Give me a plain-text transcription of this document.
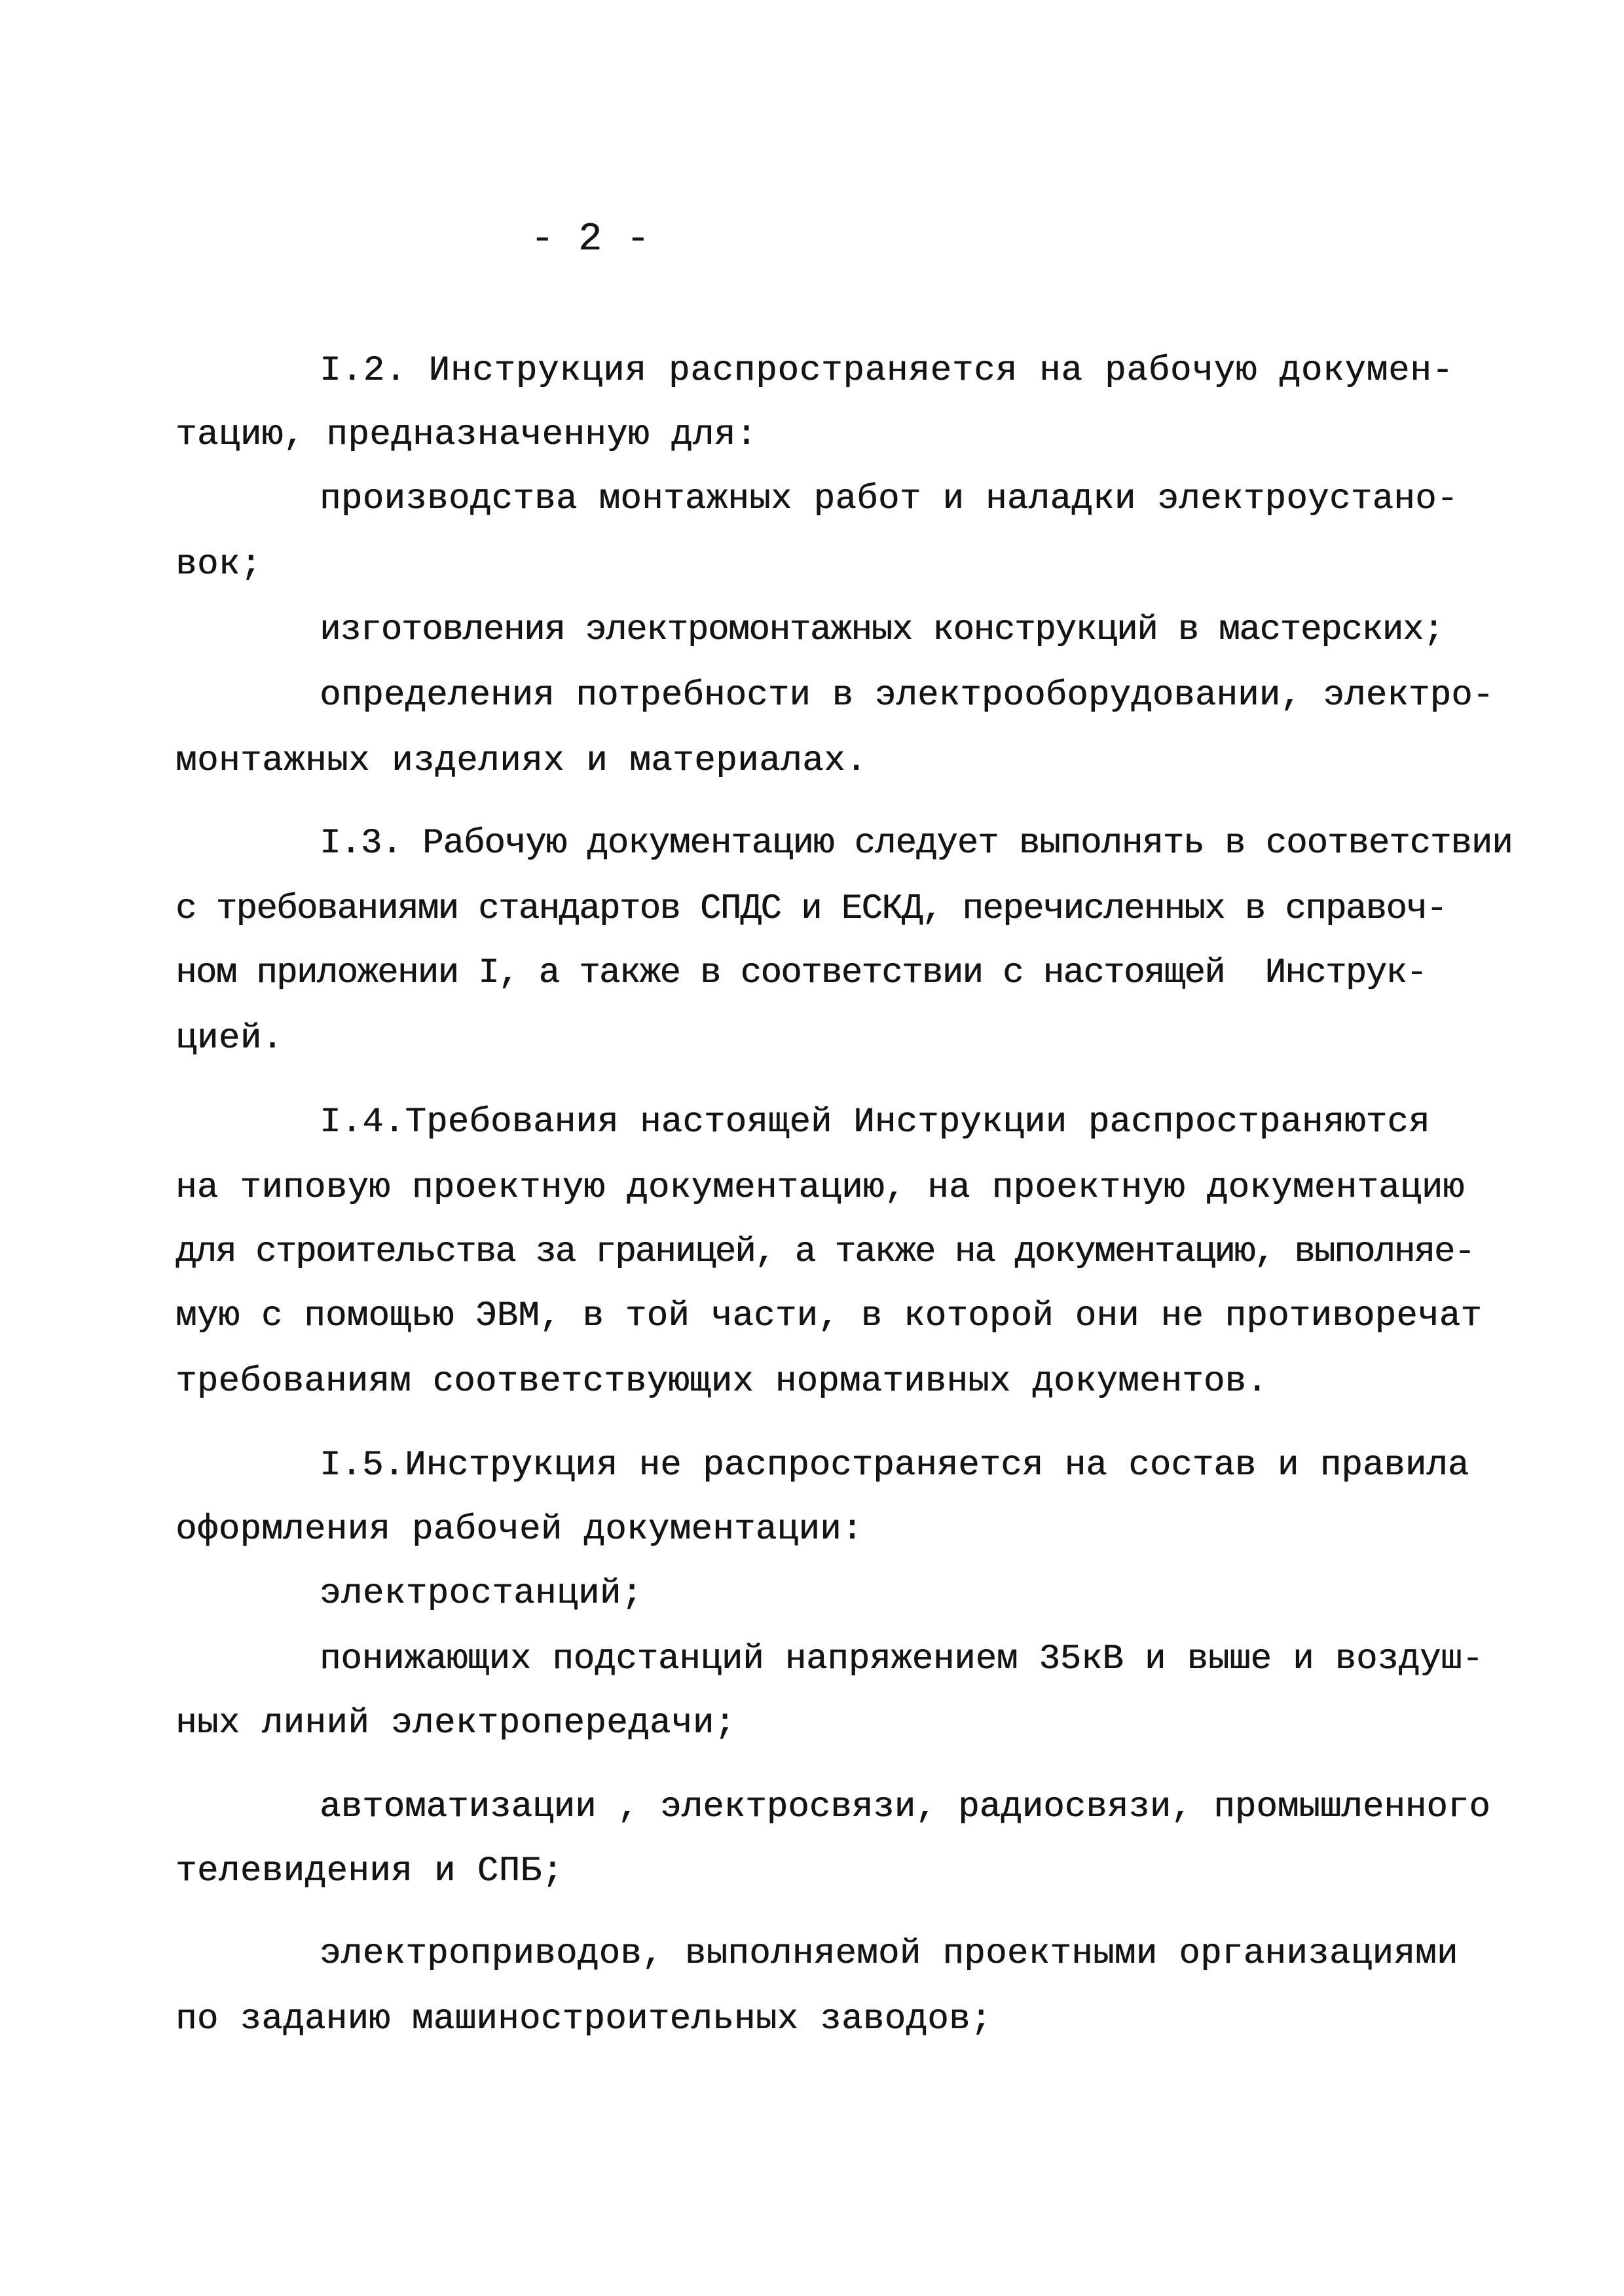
- 2 -
I.2. Инструкция распространяется на рабочую докумен-
тацию, предназначенную для:
производства монтажных работ и наладки электроустано-
вок;
изготовления электромонтажных конструкций в мастерских;
определения потребности в электрооборудовании, электро-
монтажных изделиях и материалах.
I.3. Рабочую документацию следует выполнять в соответствии
с требованиями стандартов СПДС и ЕСКД, перечисленных в справоч-
ном приложении I, а также в соответствии с настоящей  Инструк-
цией.
I.4.Требования настоящей Инструкции распространяются
на типовую проектную документацию, на проектную документацию
для строительства за границей, а также на документацию, выполняе-
мую с помощью ЭВМ, в той части, в которой они не противоречат
требованиям соответствующих нормативных документов.
I.5.Инструкция не распространяется на состав и правила
оформления рабочей документации:
электростанций;
понижающих подстанций напряжением 35кВ и выше и воздуш-
ных линий электропередачи;
автоматизации , электросвязи, радиосвязи, промышленного
телевидения и СПБ;
электроприводов, выполняемой проектными организациями
по заданию машиностроительных заводов;
